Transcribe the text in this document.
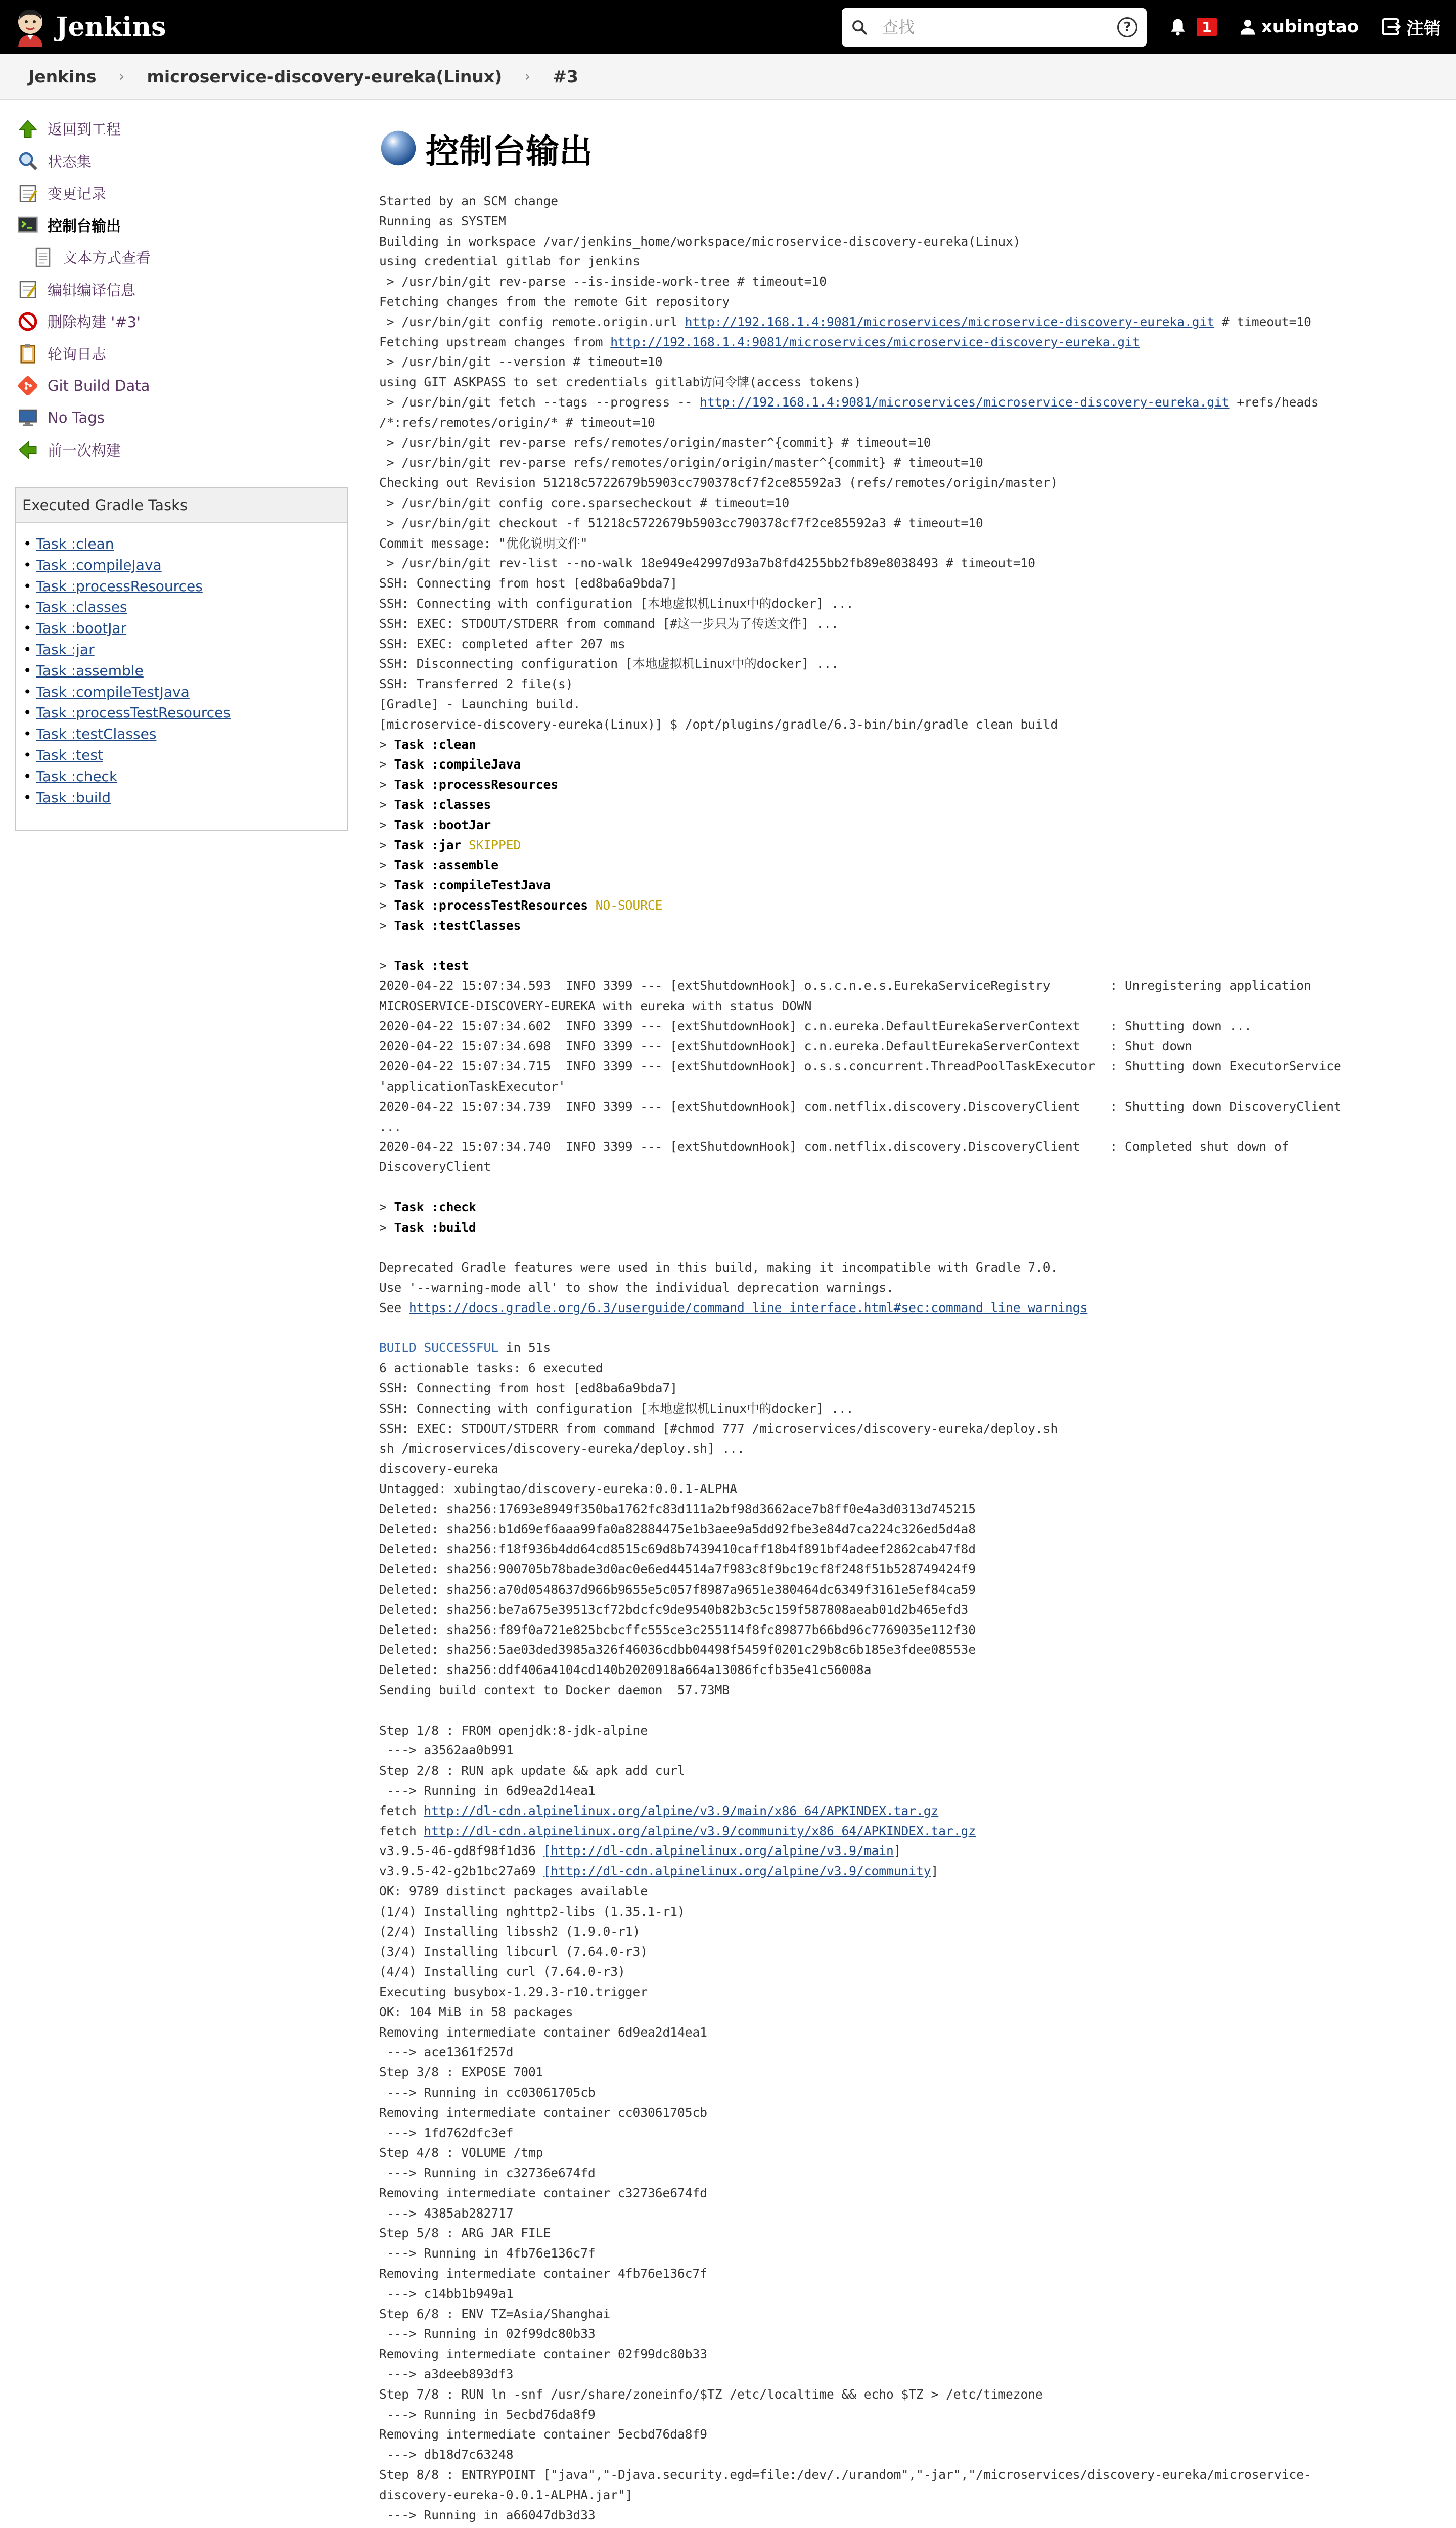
Jenkins
查找	?	1	xubingtao	注销
Jenkins › microservice-discovery-eureka(Linux) › #3
返回到工程
状态集
变更记录
控制台输出
文本方式查看
编辑编译信息
删除构建 '#3'
轮询日志
Git Build Data
No Tags
前一次构建
Executed Gradle Tasks
• Task :clean
• Task :compileJava
• Task :processResources
• Task :classes
• Task :bootJar
• Task :jar
• Task :assemble
• Task :compileTestJava
• Task :processTestResources
• Task :testClasses
• Task :test
• Task :check
• Task :build
控制台输出
Started by an SCM change
Running as SYSTEM
Building in workspace /var/jenkins_home/workspace/microservice-discovery-eureka(Linux)
using credential gitlab_for_jenkins
> /usr/bin/git rev-parse --is-inside-work-tree # timeout=10
Fetching changes from the remote Git repository
> /usr/bin/git config remote.origin.url http://192.168.1.4:9081/microservices/microservice-discovery-eureka.git # timeout=10
Fetching upstream changes from http://192.168.1.4:9081/microservices/microservice-discovery-eureka.git
> /usr/bin/git --version # timeout=10
using GIT_ASKPASS to set credentials gitlab访问令牌(access tokens)
> /usr/bin/git fetch --tags --progress -- http://192.168.1.4:9081/microservices/microservice-discovery-eureka.git +refs/heads
/*:refs/remotes/origin/* # timeout=10
> /usr/bin/git rev-parse refs/remotes/origin/master^{commit} # timeout=10
> /usr/bin/git rev-parse refs/remotes/origin/origin/master^{commit} # timeout=10
Checking out Revision 51218c5722679b5903cc790378cf7f2ce85592a3 (refs/remotes/origin/master)
> /usr/bin/git config core.sparsecheckout # timeout=10
> /usr/bin/git checkout -f 51218c5722679b5903cc790378cf7f2ce85592a3 # timeout=10
Commit message: "优化说明文件"
> /usr/bin/git rev-list --no-walk 18e949e42997d93a7b8fd4255bb2fb89e8038493 # timeout=10
SSH: Connecting from host [ed8ba6a9bda7]
SSH: Connecting with configuration [本地虚拟机Linux中的docker] ...
SSH: EXEC: STDOUT/STDERR from command [#这一步只为了传送文件] ...
SSH: EXEC: completed after 207 ms
SSH: Disconnecting configuration [本地虚拟机Linux中的docker] ...
SSH: Transferred 2 file(s)
[Gradle] - Launching build.
[microservice-discovery-eureka(Linux)] $ /opt/plugins/gradle/6.3-bin/bin/gradle clean build
> Task :clean
> Task :compileJava
> Task :processResources
> Task :classes
> Task :bootJar
> Task :jar SKIPPED
> Task :assemble
> Task :compileTestJava
> Task :processTestResources NO-SOURCE
> Task :testClasses

> Task :test
2020-04-22 15:07:34.593  INFO 3399 --- [extShutdownHook] o.s.c.n.e.s.EurekaServiceRegistry        : Unregistering application
MICROSERVICE-DISCOVERY-EUREKA with eureka with status DOWN
2020-04-22 15:07:34.602  INFO 3399 --- [extShutdownHook] c.n.eureka.DefaultEurekaServerContext    : Shutting down ...
2020-04-22 15:07:34.698  INFO 3399 --- [extShutdownHook] c.n.eureka.DefaultEurekaServerContext    : Shut down
2020-04-22 15:07:34.715  INFO 3399 --- [extShutdownHook] o.s.s.concurrent.ThreadPoolTaskExecutor  : Shutting down ExecutorService
'applicationTaskExecutor'
2020-04-22 15:07:34.739  INFO 3399 --- [extShutdownHook] com.netflix.discovery.DiscoveryClient    : Shutting down DiscoveryClient
...
2020-04-22 15:07:34.740  INFO 3399 --- [extShutdownHook] com.netflix.discovery.DiscoveryClient    : Completed shut down of
DiscoveryClient

> Task :check
> Task :build

Deprecated Gradle features were used in this build, making it incompatible with Gradle 7.0.
Use '--warning-mode all' to show the individual deprecation warnings.
See https://docs.gradle.org/6.3/userguide/command_line_interface.html#sec:command_line_warnings

BUILD SUCCESSFUL in 51s
6 actionable tasks: 6 executed
SSH: Connecting from host [ed8ba6a9bda7]
SSH: Connecting with configuration [本地虚拟机Linux中的docker] ...
SSH: EXEC: STDOUT/STDERR from command [#chmod 777 /microservices/discovery-eureka/deploy.sh
sh /microservices/discovery-eureka/deploy.sh] ...
discovery-eureka
Untagged: xubingtao/discovery-eureka:0.0.1-ALPHA
Deleted: sha256:17693e8949f350ba1762fc83d111a2bf98d3662ace7b8ff0e4a3d0313d745215
Deleted: sha256:b1d69ef6aaa99fa0a82884475e1b3aee9a5dd92fbe3e84d7ca224c326ed5d4a8
Deleted: sha256:f18f936b4dd64cd8515c69d8b7439410caff18b4f891bf4adeef2862cab47f8d
Deleted: sha256:900705b78bade3d0ac0e6ed44514a7f983c8f9bc19cf8f248f51b528749424f9
Deleted: sha256:a70d0548637d966b9655e5c057f8987a9651e380464dc6349f3161e5ef84ca59
Deleted: sha256:be7a675e39513cf72bdcfc9de9540b82b3c5c159f587808aeab01d2b465efd3
Deleted: sha256:f89f0a721e825bcbcffc555ce3c255114f8fc89877b66bd96c7769035e112f30
Deleted: sha256:5ae03ded3985a326f46036cdbb04498f5459f0201c29b8c6b185e3fdee08553e
Deleted: sha256:ddf406a4104cd140b2020918a664a13086fcfb35e41c56008a
Sending build context to Docker daemon  57.73MB

Step 1/8 : FROM openjdk:8-jdk-alpine
---> a3562aa0b991
Step 2/8 : RUN apk update && apk add curl
---> Running in 6d9ea2d14ea1
fetch http://dl-cdn.alpinelinux.org/alpine/v3.9/main/x86_64/APKINDEX.tar.gz
fetch http://dl-cdn.alpinelinux.org/alpine/v3.9/community/x86_64/APKINDEX.tar.gz
v3.9.5-46-gd8f98f1d36 [http://dl-cdn.alpinelinux.org/alpine/v3.9/main]
v3.9.5-42-g2b1bc27a69 [http://dl-cdn.alpinelinux.org/alpine/v3.9/community]
OK: 9789 distinct packages available
(1/4) Installing nghttp2-libs (1.35.1-r1)
(2/4) Installing libssh2 (1.9.0-r1)
(3/4) Installing libcurl (7.64.0-r3)
(4/4) Installing curl (7.64.0-r3)
Executing busybox-1.29.3-r10.trigger
OK: 104 MiB in 58 packages
Removing intermediate container 6d9ea2d14ea1
---> ace1361f257d
Step 3/8 : EXPOSE 7001
---> Running in cc03061705cb
Removing intermediate container cc03061705cb
---> 1fd762dfc3ef
Step 4/8 : VOLUME /tmp
---> Running in c32736e674fd
Removing intermediate container c32736e674fd
---> 4385ab282717
Step 5/8 : ARG JAR_FILE
---> Running in 4fb76e136c7f
Removing intermediate container 4fb76e136c7f
---> c14bb1b949a1
Step 6/8 : ENV TZ=Asia/Shanghai
---> Running in 02f99dc80b33
Removing intermediate container 02f99dc80b33
---> a3deeb893df3
Step 7/8 : RUN ln -snf /usr/share/zoneinfo/$TZ /etc/localtime && echo $TZ > /etc/timezone
---> Running in 5ecbd76da8f9
Removing intermediate container 5ecbd76da8f9
---> db18d7c63248
Step 8/8 : ENTRYPOINT ["java","-Djava.security.egd=file:/dev/./urandom","-jar","/microservices/discovery-eureka/microservice-
discovery-eureka-0.0.1-ALPHA.jar"]
---> Running in a66047db3d33
